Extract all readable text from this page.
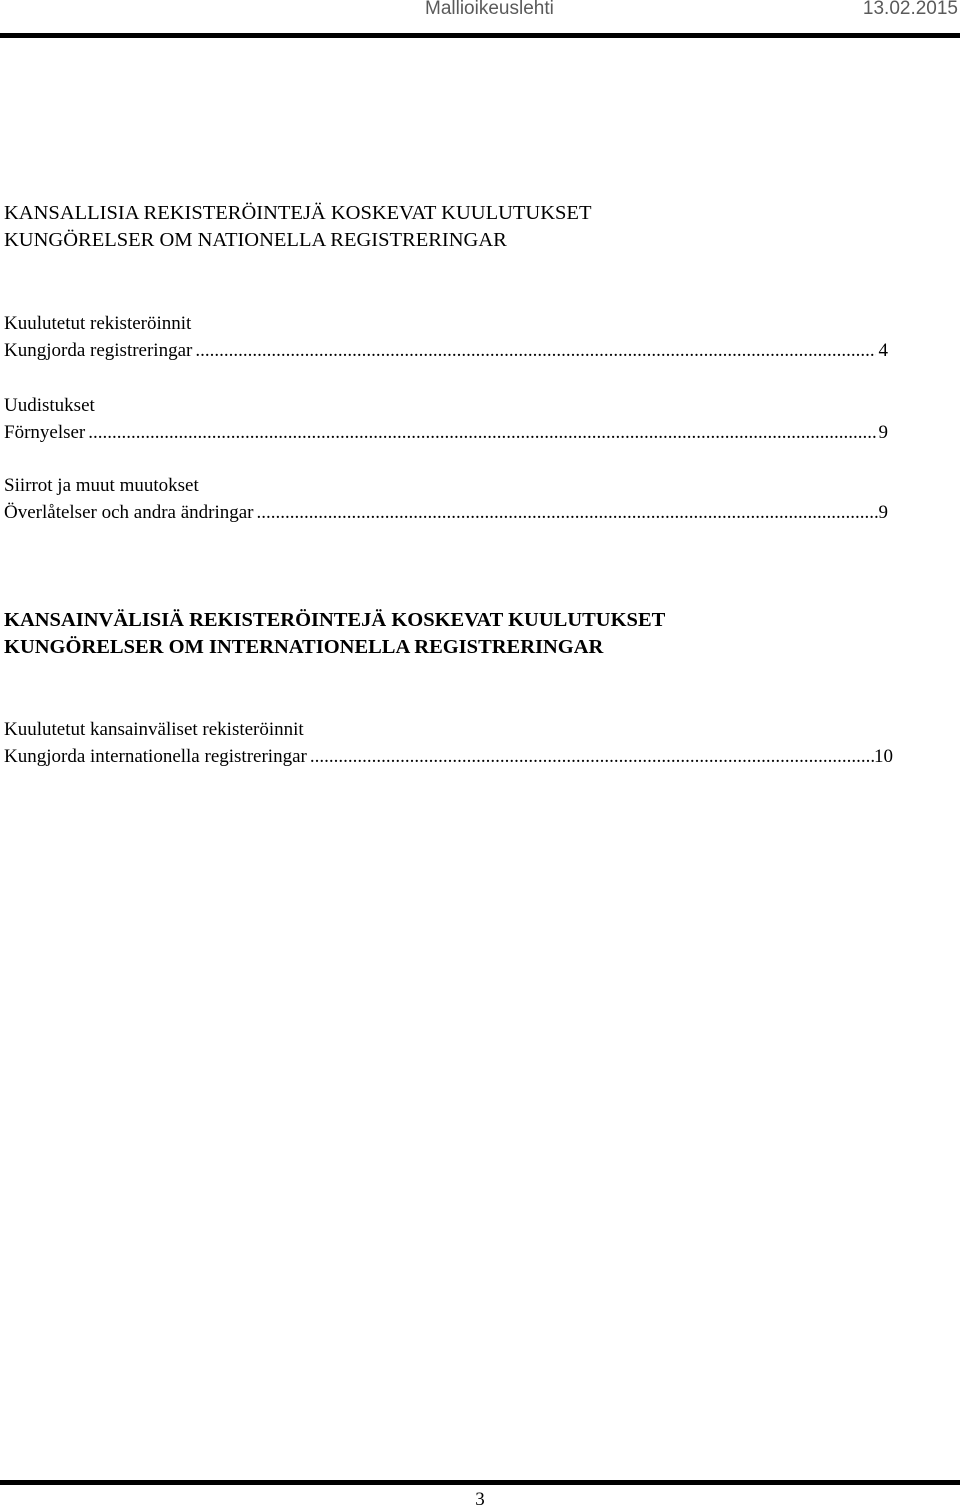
Mallioikeuslehti	13.02.2015
KANSALLISIA REKISTERÖINTEJÄ KOSKEVAT KUULUTUKSET
KUNGÖRELSER OM NATIONELLA REGISTRERINGAR
Kuulutetut rekisteröinnit
Kungjorda registreringar .....	4
Uudistukset
Förnyelser .....	9
Siirrot ja muut muutokset
Överlåtelser och andra ändringar .....	9
KANSAINVÄLISIÄ REKISTERÖINTEJÄ KOSKEVAT KUULUTUKSET
KUNGÖRELSER OM INTERNATIONELLA REGISTRERINGAR
Kuulutetut kansainväliset rekisteröinnit
Kungjorda internationella registreringar .....	10
3
